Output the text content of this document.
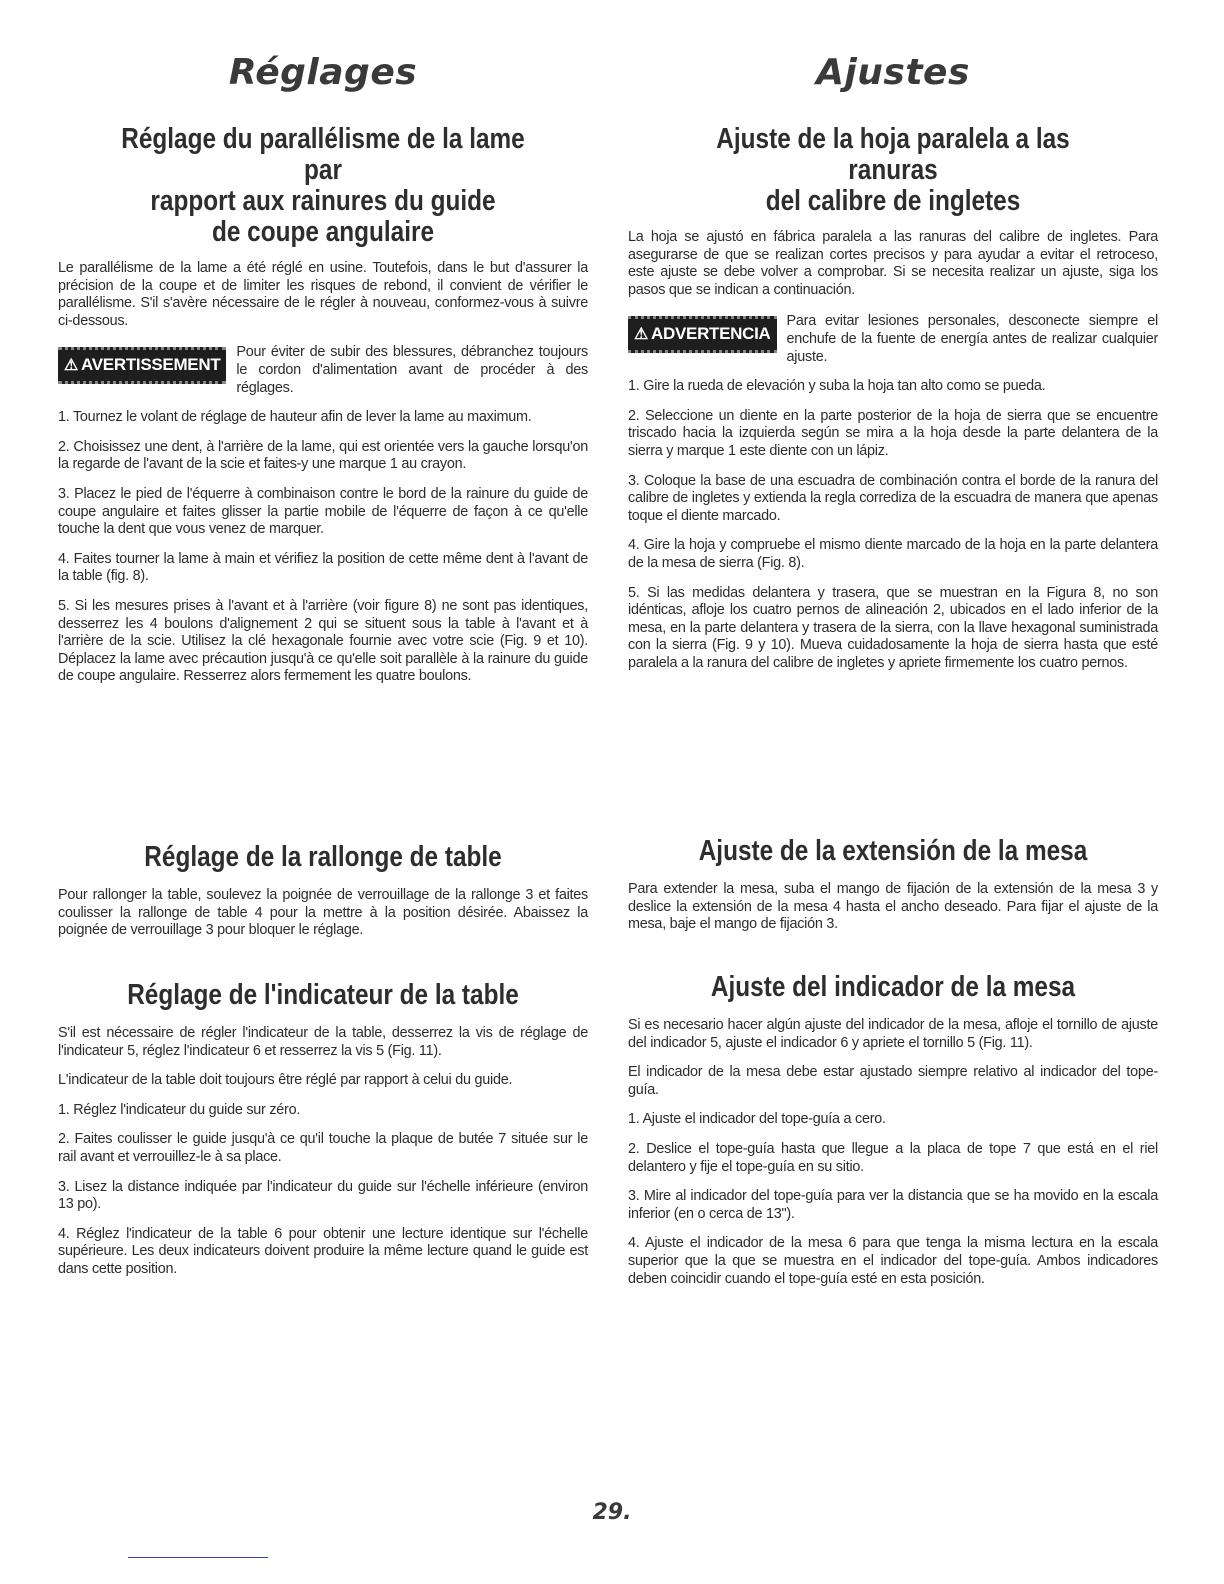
Réglages
Réglage du parallélisme de la lame par
rapport aux rainures du guide
de coupe angulaire

Le parallélisme de la lame a été réglé en usine. Toutefois, dans le but d'assurer la précision de la coupe et de limiter les risques de rebond, il convient de vérifier le parallélisme. S'il s'avère nécessaire de le régler à nouveau, conformez-vous à suivre ci-dessous.

⚠ AVERTISSEMENT

Pour éviter de subir des blessures, débranchez toujours le cordon d'alimentation avant de procéder à des réglages.

1. Tournez le volant de réglage de hauteur afin de lever la lame au maximum.

2. Choisissez une dent, à l'arrière de la lame, qui est orientée vers la gauche lorsqu'on la regarde de l'avant de la scie et faites-y une marque 1 au crayon.

3. Placez le pied de l'équerre à combinaison contre le bord de la rainure du guide de coupe angulaire et faites glisser la partie mobile de l'équerre de façon à ce qu'elle touche la dent que vous venez de marquer.

4. Faites tourner la lame à main et vérifiez la position de cette même dent à l'avant de la table (fig. 8).

5. Si les mesures prises à l'avant et à l'arrière (voir figure 8) ne sont pas identiques, desserrez les 4 boulons d'alignement 2 qui se situent sous la table à l'avant et à l'arrière de la scie. Utilisez la clé hexagonale fournie avec votre scie (Fig. 9 et 10). Déplacez la lame avec précaution jusqu'à ce qu'elle soit parallèle à la rainure du guide de coupe angulaire. Resserrez alors fermement les quatre boulons.

Réglage de la rallonge de table

Pour rallonger la table, soulevez la poignée de verrouillage de la rallonge 3 et faites coulisser la rallonge de table 4 pour la mettre à la position désirée. Abaissez la poignée de verrouillage 3 pour bloquer le réglage.

Réglage de l'indicateur de la table

S'il est nécessaire de régler l'indicateur de la table, desserrez la vis de réglage de l'indicateur 5, réglez l'indicateur 6 et resserrez la vis 5 (Fig. 11).

L'indicateur de la table doit toujours être réglé par rapport à celui du guide.

1. Réglez l'indicateur du guide sur zéro.

2. Faites coulisser le guide jusqu'à ce qu'il touche la plaque de butée 7 située sur le rail avant et verrouillez-le à sa place.

3. Lisez la distance indiquée par l'indicateur du guide sur l'échelle inférieure (environ 13 po).

4. Réglez l'indicateur de la table 6 pour obtenir une lecture identique sur l'échelle supérieure. Les deux indicateurs doivent produire la même lecture quand le guide est dans cette position.

Ajustes
Ajuste de la hoja paralela a las ranuras
del calibre de ingletes

La hoja se ajustó en fábrica paralela a las ranuras del calibre de ingletes. Para asegurarse de que se realizan cortes precisos y para ayudar a evitar el retroceso, este ajuste se debe volver a comprobar. Si se necesita realizar un ajuste, siga los pasos que se indican a continuación.

⚠ ADVERTENCIA

Para evitar lesiones personales, desconecte siempre el enchufe de la fuente de energía antes de realizar cualquier ajuste.

1. Gire la rueda de elevación y suba la hoja tan alto como se pueda.

2. Seleccione un diente en la parte posterior de la hoja de sierra que se encuentre triscado hacia la izquierda según se mira a la hoja desde la parte delantera de la sierra y marque 1 este diente con un lápiz.

3. Coloque la base de una escuadra de combinación contra el borde de la ranura del calibre de ingletes y extienda la regla corrediza de la escuadra de manera que apenas toque el diente marcado.

4. Gire la hoja y compruebe el mismo diente marcado de la hoja en la parte delantera de la mesa de sierra (Fig. 8).

5. Si las medidas delantera y trasera, que se muestran en la Figura 8, no son idénticas, afloje los cuatro pernos de alineación 2, ubicados en el lado inferior de la mesa, en la parte delantera y trasera de la sierra, con la llave hexagonal suministrada con la sierra (Fig. 9 y 10). Mueva cuidadosamente la hoja de sierra hasta que esté paralela a la ranura del calibre de ingletes y apriete firmemente los cuatro pernos.

Ajuste de la extensión de la mesa

Para extender la mesa, suba el mango de fijación de la extensión de la mesa 3 y deslice la extensión de la mesa 4 hasta el ancho deseado. Para fijar el ajuste de la mesa, baje el mango de fijación 3.

Ajuste del indicador de la mesa

Si es necesario hacer algún ajuste del indicador de la mesa, afloje el tornillo de ajuste del indicador 5, ajuste el indicador 6 y apriete el tornillo 5 (Fig. 11).

El indicador de la mesa debe estar ajustado siempre relativo al indicador del tope-guía.

1. Ajuste el indicador del tope-guía a cero.

2. Deslice el tope-guía hasta que llegue a la placa de tope 7 que está en el riel delantero y fije el tope-guía en su sitio.

3. Mire al indicador del tope-guía para ver la distancia que se ha movido en la escala inferior (en o cerca de 13").

4. Ajuste el indicador de la mesa 6 para que tenga la misma lectura en la escala superior que la que se muestra en el indicador del tope-guía. Ambos indicadores deben coincidir cuando el tope-guía esté en esta posición.

29.
